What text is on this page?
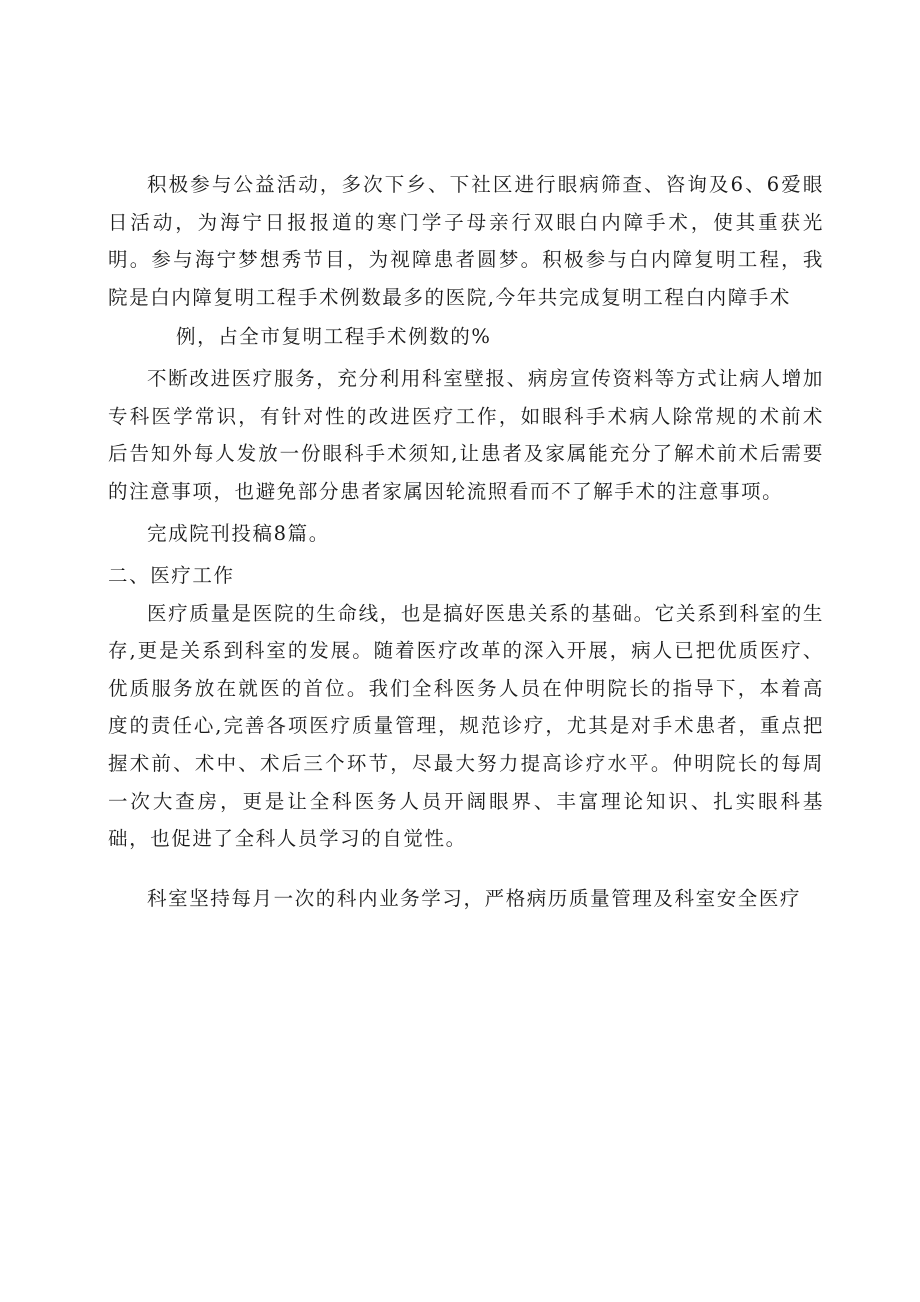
积极参与公益活动，多次下乡、下社区进行眼病筛查、咨询及6、6爱眼日活动，为海宁日报报道的寒门学子母亲行双眼白内障手术，使其重获光明。参与海宁梦想秀节目，为视障患者圆梦。积极参与白内障复明工程，我院是白内障复明工程手术例数最多的医院,今年共完成复明工程白内障手术

例，占全市复明工程手术例数的%

不断改进医疗服务，充分利用科室壁报、病房宣传资料等方式让病人增加专科医学常识，有针对性的改进医疗工作，如眼科手术病人除常规的术前术后告知外每人发放一份眼科手术须知,让患者及家属能充分了解术前术后需要的注意事项，也避免部分患者家属因轮流照看而不了解手术的注意事项。

完成院刊投稿8篇。

二、医疗工作

医疗质量是医院的生命线，也是搞好医患关系的基础。它关系到科室的生存,更是关系到科室的发展。随着医疗改革的深入开展，病人已把优质医疗、优质服务放在就医的首位。我们全科医务人员在仲明院长的指导下，本着高度的责任心,完善各项医疗质量管理，规范诊疗，尤其是对手术患者，重点把握术前、术中、术后三个环节，尽最大努力提高诊疗水平。仲明院长的每周一次大查房，更是让全科医务人员开阔眼界、丰富理论知识、扎实眼科基础，也促进了全科人员学习的自觉性。

科室坚持每月一次的科内业务学习，严格病历质量管理及科室安全医疗
